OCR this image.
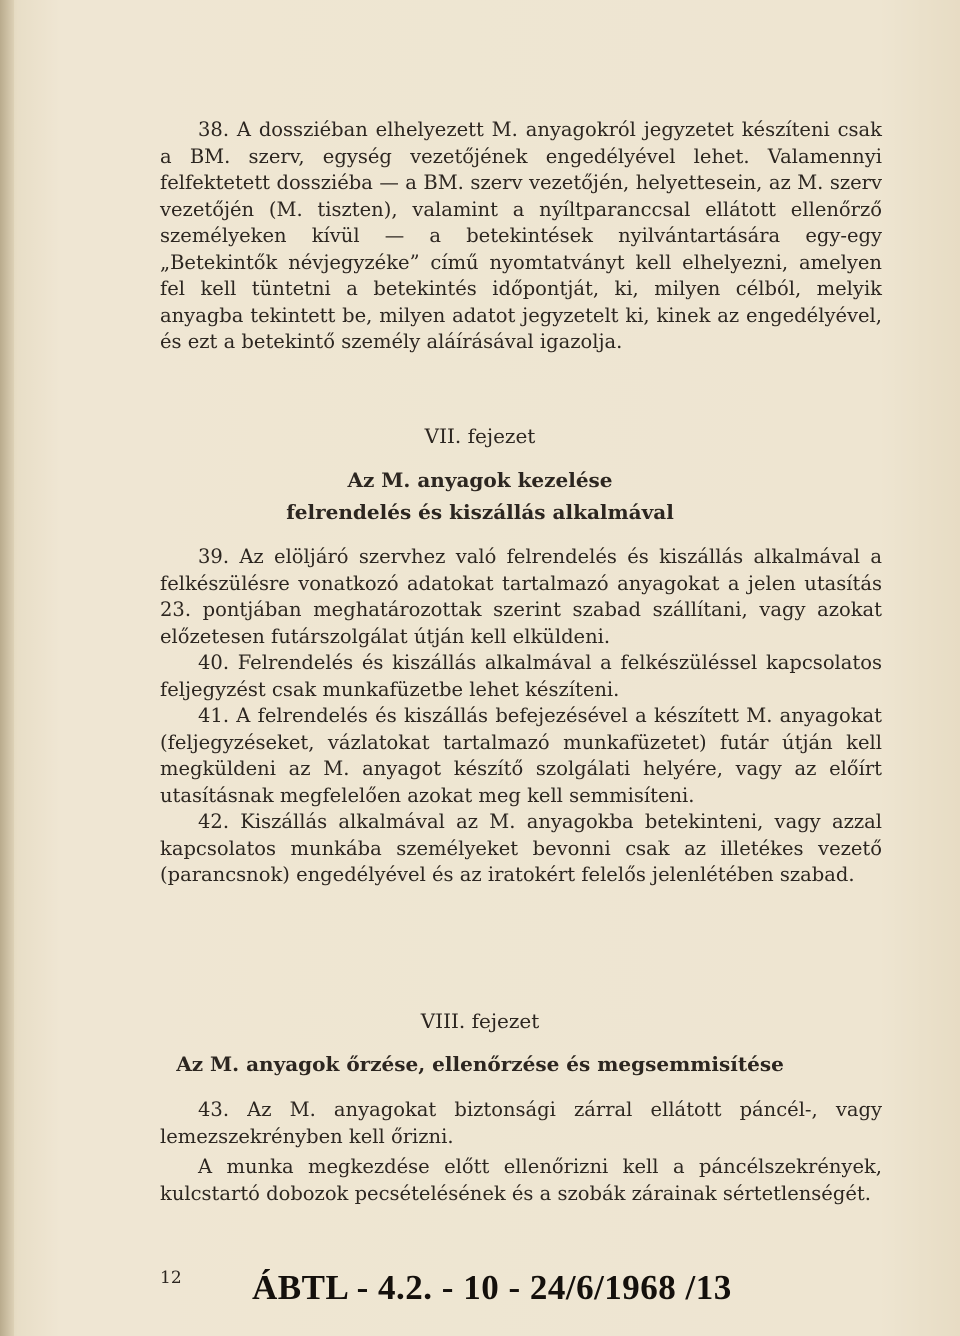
38. A dossziéban elhelyezett M. anyagokról jegyzetet készíteni csak a BM. szerv, egység vezetőjének engedélyével lehet. Valamennyi felfektetett dossziéba — a BM. szerv vezetőjén, helyettesein, az M. szerv vezetőjén (M. tiszten), valamint a nyíltparanccsal ellátott ellenőrző személyeken kívül — a betekintések nyilvántartására egy-egy „Betekintők névjegyzéke” című nyomtatványt kell elhelyezni, amelyen fel kell tüntetni a betekintés időpontját, ki, milyen célból, melyik anyagba tekintett be, milyen adatot jegyzetelt ki, kinek az engedélyével, és ezt a betekintő személy aláírásával igazolja.

VII. fejezet
Az M. anyagok kezelése
felrendelés és kiszállás alkalmával

39. Az elöljáró szervhez való felrendelés és kiszállás alkalmával a felkészülésre vonatkozó adatokat tartalmazó anyagokat a jelen utasítás 23. pontjában meghatározottak szerint szabad szállítani, vagy azokat előzetesen futárszolgálat útján kell elküldeni.

40. Felrendelés és kiszállás alkalmával a felkészüléssel kapcsolatos feljegyzést csak munkafüzetbe lehet készíteni.

41. A felrendelés és kiszállás befejezésével a készített M. anyagokat (feljegyzéseket, vázlatokat tartalmazó munkafüzetet) futár útján kell megküldeni az M. anyagot készítő szolgálati helyére, vagy az előírt utasításnak megfelelően azokat meg kell semmisíteni.

42. Kiszállás alkalmával az M. anyagokba betekinteni, vagy azzal kapcsolatos munkába személyeket bevonni csak az illetékes vezető (parancsnok) engedélyével és az iratokért felelős jelenlétében szabad.

VIII. fejezet
Az M. anyagok őrzése, ellenőrzése és megsemmisítése

43. Az M. anyagokat biztonsági zárral ellátott páncél-, vagy lemezszekrényben kell őrizni.

A munka megkezdése előtt ellenőrizni kell a páncélszekrények, kulcstartó dobozok pecsételésének és a szobák zárainak sértetlenségét.

12 ÁBTL - 4.2. - 10 - 24/6/1968 /13
